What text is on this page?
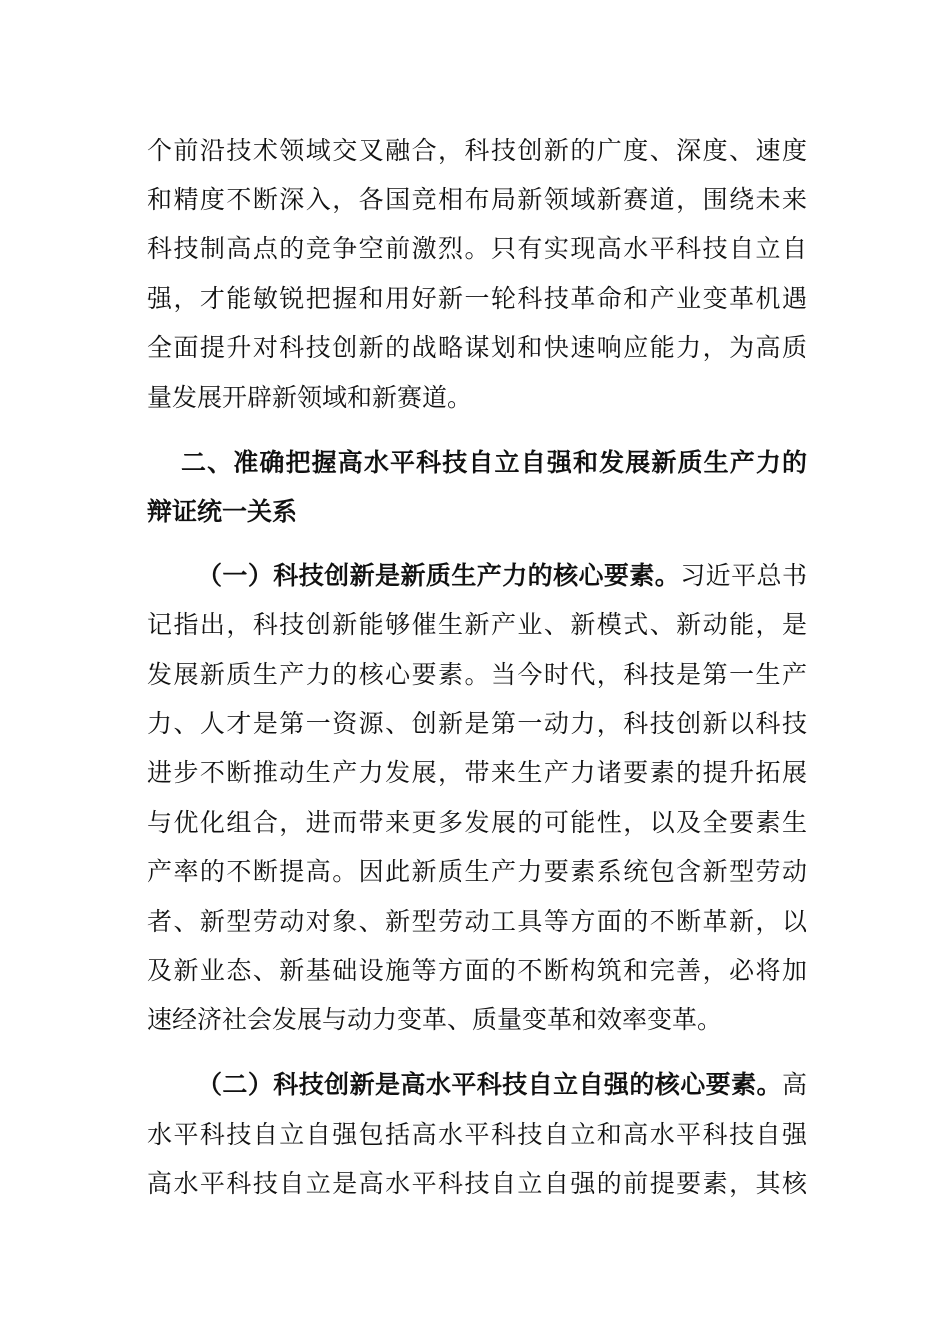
个前沿技术领域交叉融合，科技创新的广度、深度、速度
和精度不断深入，各国竞相布局新领域新赛道，围绕未来
科技制高点的竞争空前激烈。只有实现高水平科技自立自
强，才能敏锐把握和用好新一轮科技革命和产业变革机遇
全面提升对科技创新的战略谋划和快速响应能力，为高质
量发展开辟新领域和新赛道。
二、准确把握高水平科技自立自强和发展新质生产力的
辩证统一关系
（一）科技创新是新质生产力的核心要素。习近平总书
记指出，科技创新能够催生新产业、新模式、新动能，是
发展新质生产力的核心要素。当今时代，科技是第一生产
力、人才是第一资源、创新是第一动力，科技创新以科技
进步不断推动生产力发展，带来生产力诸要素的提升拓展
与优化组合，进而带来更多发展的可能性，以及全要素生
产率的不断提高。因此新质生产力要素系统包含新型劳动
者、新型劳动对象、新型劳动工具等方面的不断革新，以
及新业态、新基础设施等方面的不断构筑和完善，必将加
速经济社会发展与动力变革、质量变革和效率变革。
（二）科技创新是高水平科技自立自强的核心要素。高
水平科技自立自强包括高水平科技自立和高水平科技自强
高水平科技自立是高水平科技自立自强的前提要素，其核
